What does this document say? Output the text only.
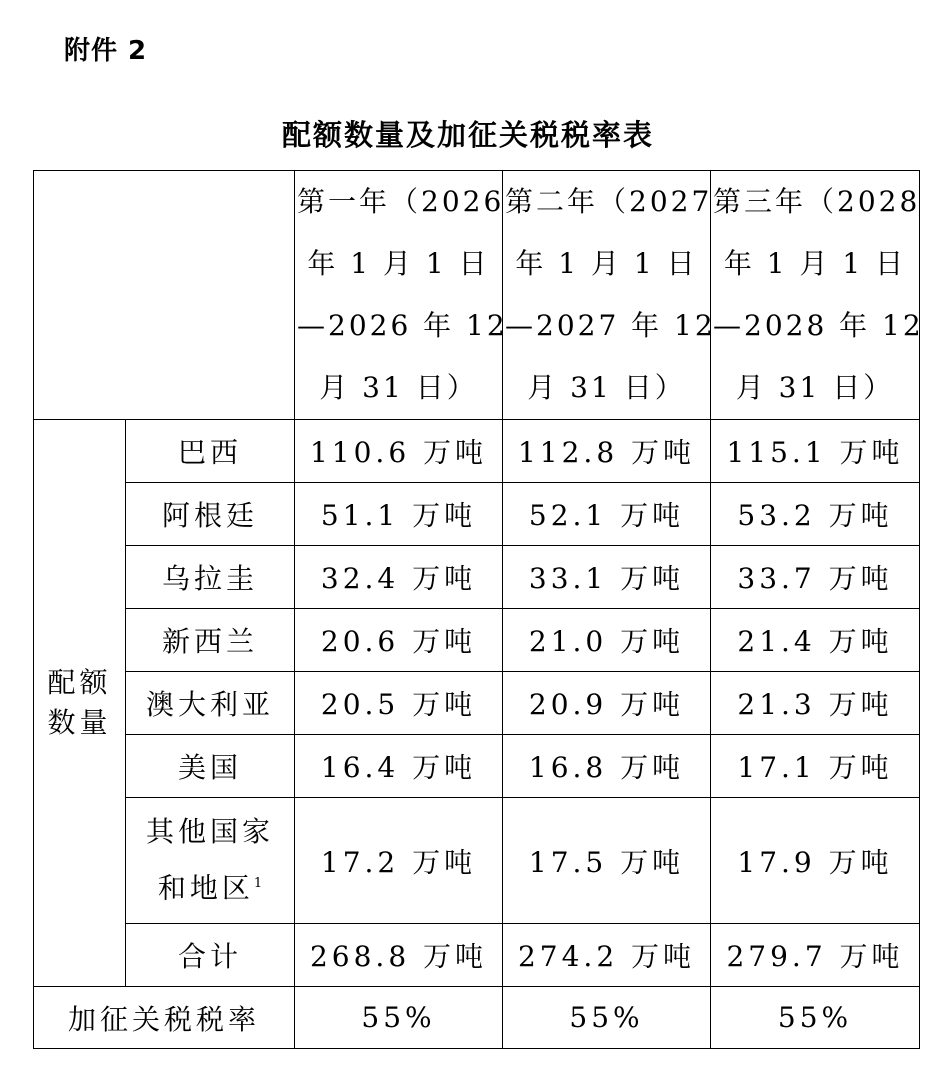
附件 2
配额数量及加征关税税率表

		第一年（2026
年 1 月 1 日
—2026 年 12
月 31 日）	第二年（2027
年 1 月 1 日
—2027 年 12
月 31 日）	第三年（2028
年 1 月 1 日
—2028 年 12
月 31 日）

配额
数量	巴西	110.6 万吨	112.8 万吨	115.1 万吨
	阿根廷	51.1 万吨	52.1 万吨	53.2 万吨
	乌拉圭	32.4 万吨	33.1 万吨	33.7 万吨
	新西兰	20.6 万吨	21.0 万吨	21.4 万吨
	澳大利亚	20.5 万吨	20.9 万吨	21.3 万吨
	美国	16.4 万吨	16.8 万吨	17.1 万吨

	其他国家
和地区$^1$	17.2 万吨	17.5 万吨	17.9 万吨
	合计	268.8 万吨	274.2 万吨	279.7 万吨
加征关税税率		55%	55%	55%
